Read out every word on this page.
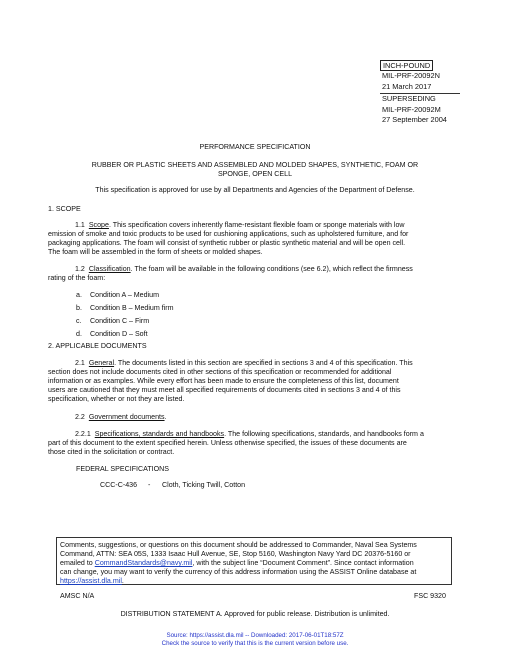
INCH-POUND
MIL-PRF-20092N
21 March 2017
SUPERSEDING
MIL-PRF-20092M
27 September 2004
PERFORMANCE SPECIFICATION
RUBBER OR PLASTIC SHEETS AND ASSEMBLED AND MOLDED SHAPES, SYNTHETIC, FOAM OR
SPONGE, OPEN CELL
This specification is approved for use by all Departments and Agencies of the Department of Defense.
1. SCOPE
1.1 Scope. This specification covers inherently flame-resistant flexible foam or sponge materials with low
emission of smoke and toxic products to be used for cushioning applications, such as upholstered furniture, and for
packaging applications. The foam will consist of synthetic rubber or plastic synthetic material and will be open cell.
The foam will be assembled in the form of sheets or molded shapes.
1.2 Classification. The foam will be available in the following conditions (see 6.2), which reflect the firmness
rating of the foam:
a. Condition A – Medium
b. Condition B – Medium firm
c. Condition C – Firm
d. Condition D – Soft
2. APPLICABLE DOCUMENTS
2.1 General. The documents listed in this section are specified in sections 3 and 4 of this specification. This
section does not include documents cited in other sections of this specification or recommended for additional
information or as examples. While every effort has been made to ensure the completeness of this list, document
users are cautioned that they must meet all specified requirements of documents cited in sections 3 and 4 of this
specification, whether or not they are listed.
2.2 Government documents.
2.2.1 Specifications, standards and handbooks. The following specifications, standards, and handbooks form a
part of this document to the extent specified herein. Unless otherwise specified, the issues of these documents are
those cited in the solicitation or contract.
FEDERAL SPECIFICATIONS
CCC-C-436 - Cloth, Ticking Twill, Cotton
Comments, suggestions, or questions on this document should be addressed to Commander, Naval Sea Systems
Command, ATTN: SEA 05S, 1333 Isaac Hull Avenue, SE, Stop 5160, Washington Navy Yard DC 20376-5160 or
emailed to CommandStandards@navy.mil, with the subject line “Document Comment”. Since contact information
can change, you may want to verify the currency of this address information using the ASSIST Online database at
https://assist.dla.mil.
AMSC N/A	FSC 9320
DISTRIBUTION STATEMENT A. Approved for public release. Distribution is unlimited.
Source: https://assist.dla.mil -- Downloaded: 2017-06-01T18:57Z
Check the source to verify that this is the current version before use.
